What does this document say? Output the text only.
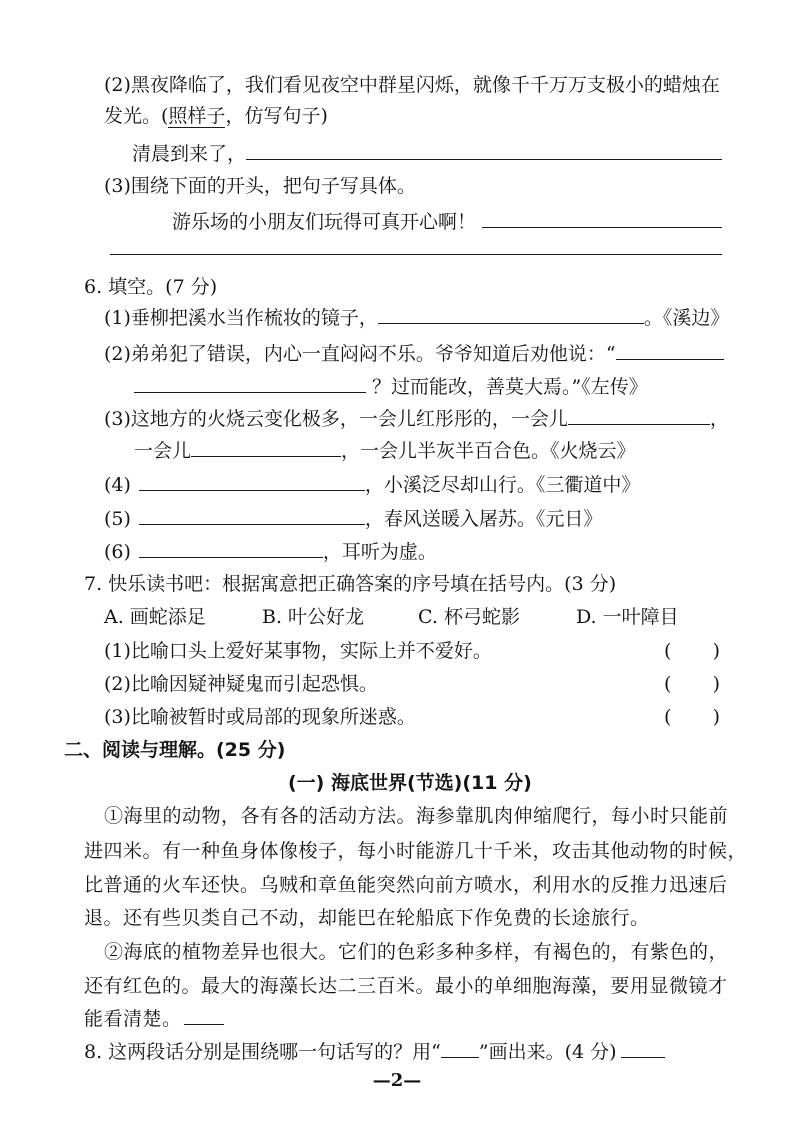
(2)黑夜降临了，我们看见夜空中群星闪烁，就像千千万万支极小的蜡烛在
发光。(照样子，仿写句子)
清晨到来了，
(3)围绕下面的开头，把句子写具体。
游乐场的小朋友们玩得可真开心啊！
6. 填空。(7 分)
(1)垂柳把溪水当作梳妆的镜子，	。《溪边》
(2)弟弟犯了错误，内心一直闷闷不乐。爷爷知道后劝他说：“
？过而能改，善莫大焉。”《左传》
(3)这地方的火烧云变化极多，一会儿红彤彤的，一会儿	，
一会儿	，一会儿半灰半百合色。《火烧云》
(4)	，小溪泛尽却山行。《三衢道中》
(5)	，春风送暖入屠苏。《元日》
(6)	，耳听为虚。
7. 快乐读书吧：根据寓意把正确答案的序号填在括号内。(3 分)
A. 画蛇添足	B. 叶公好龙	C. 杯弓蛇影	D. 一叶障目
(1)比喻口头上爱好某事物，实际上并不爱好。	( )
(2)比喻因疑神疑鬼而引起恐惧。	( )
(3)比喻被暂时或局部的现象所迷惑。	( )
二、阅读与理解。(25 分)
(一) 海底世界(节选)(11 分)
①海里的动物，各有各的活动方法。海参靠肌肉伸缩爬行，每小时只能前
进四米。有一种鱼身体像梭子，每小时能游几十千米，攻击其他动物的时候，
比普通的火车还快。乌贼和章鱼能突然向前方喷水，利用水的反推力迅速后
退。还有些贝类自己不动，却能巴在轮船底下作免费的长途旅行。
②海底的植物差异也很大。它们的色彩多种多样，有褐色的，有紫色的，
还有红色的。最大的海藻长达二三百米。最小的单细胞海藻，要用显微镜才
能看清楚。
8. 这两段话分别是围绕哪一句话写的？用“ ”画出来。(4 分)
—2—
